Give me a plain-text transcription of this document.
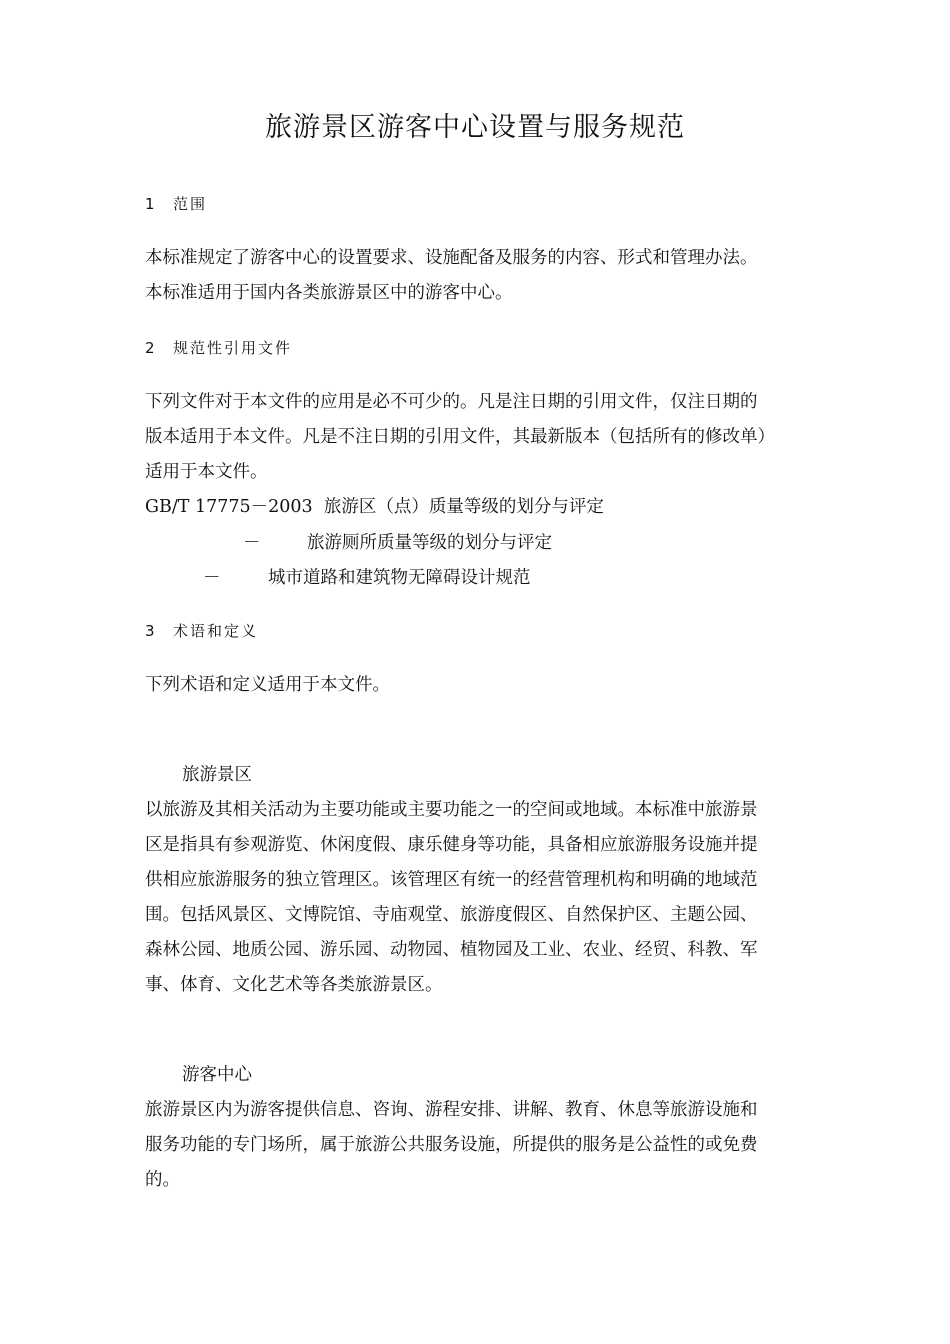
旅游景区游客中心设置与服务规范
1 范围

本标准规定了游客中心的设置要求、设施配备及服务的内容、形式和管理办法。

本标准适用于国内各类旅游景区中的游客中心。

2 规范性引用文件

下列文件对于本文件的应用是必不可少的。凡是注日期的引用文件，仅注日期的

版本适用于本文件。凡是不注日期的引用文件，其最新版本（包括所有的修改单）

适用于本文件。

GB/T 17775－2003 旅游区（点）质量等级的划分与评定
－	旅游厕所质量等级的划分与评定
－	城市道路和建筑物无障碍设计规范
3 术语和定义

下列术语和定义适用于本文件。

旅游景区

以旅游及其相关活动为主要功能或主要功能之一的空间或地域。本标准中旅游景

区是指具有参观游览、休闲度假、康乐健身等功能，具备相应旅游服务设施并提

供相应旅游服务的独立管理区。该管理区有统一的经营管理机构和明确的地域范

围。包括风景区、文博院馆、寺庙观堂、旅游度假区、自然保护区、主题公园、

森林公园、地质公园、游乐园、动物园、植物园及工业、农业、经贸、科教、军

事、体育、文化艺术等各类旅游景区。

游客中心

旅游景区内为游客提供信息、咨询、游程安排、讲解、教育、休息等旅游设施和

服务功能的专门场所，属于旅游公共服务设施，所提供的服务是公益性的或免费

的。
